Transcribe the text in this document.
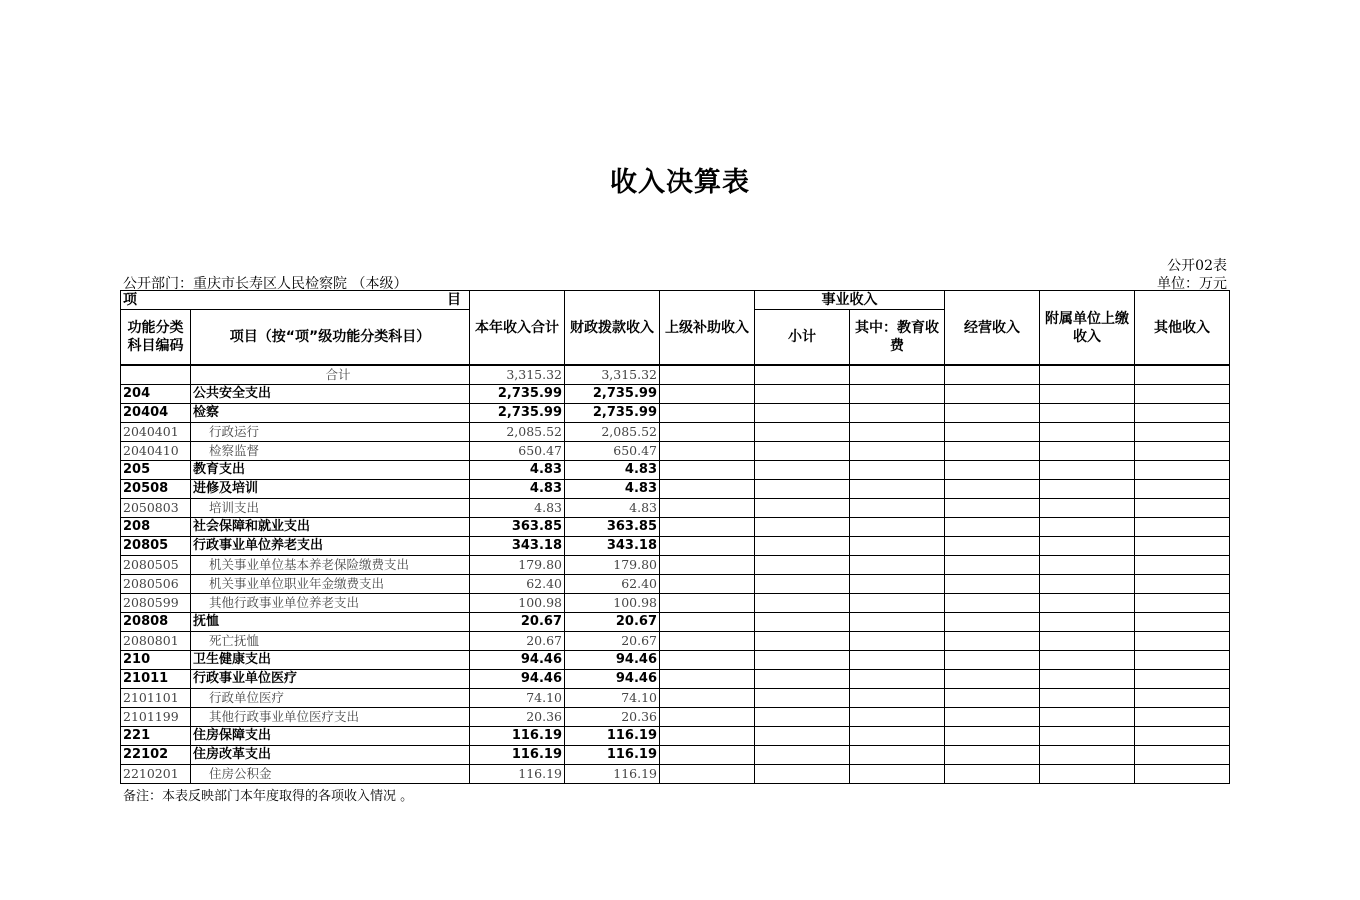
收入决算表
公开02表
单位：万元
公开部门：重庆市长寿区人民检察院 （本级）
项 目		本年收入合计	财政拨款收入	上级补助收入	事业收入		经营收入	附属单位上缴收入	其他收入
功能分类科目编码	项目（按“项”级功能分类科目）				小计	其中：教育收费			

	合计	3,315.32	3,315.32						
204	公共安全支出	2,735.99	2,735.99						
20404	检察	2,735.99	2,735.99						
2040401	行政运行	2,085.52	2,085.52						
2040410	检察监督	650.47	650.47						
205	教育支出	4.83	4.83						
20508	进修及培训	4.83	4.83						
2050803	培训支出	4.83	4.83						
208	社会保障和就业支出	363.85	363.85						
20805	行政事业单位养老支出	343.18	343.18						
2080505	机关事业单位基本养老保险缴费支出	179.80	179.80						
2080506	机关事业单位职业年金缴费支出	62.40	62.40						
2080599	其他行政事业单位养老支出	100.98	100.98						
20808	抚恤	20.67	20.67						
2080801	死亡抚恤	20.67	20.67						
210	卫生健康支出	94.46	94.46						
21011	行政事业单位医疗	94.46	94.46						
2101101	行政单位医疗	74.10	74.10						
2101199	其他行政事业单位医疗支出	20.36	20.36						
221	住房保障支出	116.19	116.19						
22102	住房改革支出	116.19	116.19						
2210201	住房公积金	116.19	116.19						
备注：本表反映部门本年度取得的各项收入情况 。
